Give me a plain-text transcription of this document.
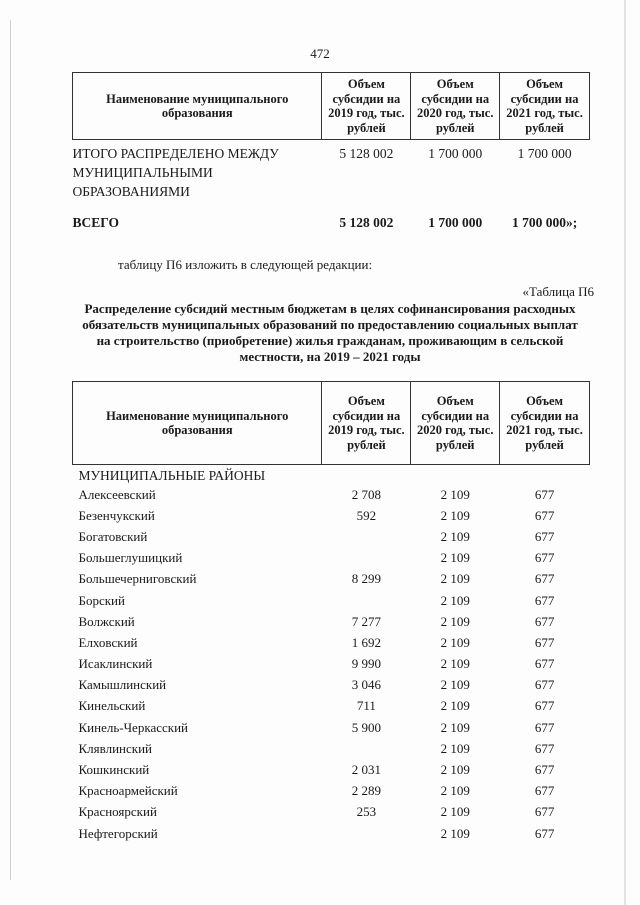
472
Наименование муниципального образования	Объем субсидии на 2019 год, тыс. рублей	Объем субсидии на 2020 год, тыс. рублей	Объем субсидии на 2021 год, тыс. рублей
ИТОГО РАСПРЕДЕЛЕНО МЕЖДУ МУНИЦИПАЛЬНЫМИ ОБРАЗОВАНИЯМИ	5 128 002	1 700 000	1 700 000
ВСЕГО	5 128 002	1 700 000	1 700 000»;
таблицу П6 изложить в следующей редакции:
«Таблица П6
Распределение субсидий местным бюджетам в целях софинансирования расходных обязательств муниципальных образований по предоставлению социальных выплат на строительство (приобретение) жилья гражданам, проживающим в сельской местности, на 2019 – 2021 годы
Наименование муниципального образования	Объем субсидии на 2019 год, тыс. рублей	Объем субсидии на 2020 год, тыс. рублей	Объем субсидии на 2021 год, тыс. рублей
МУНИЦИПАЛЬНЫЕ РАЙОНЫ			
Алексеевский	2 708	2 109	677
Безенчукский	592	2 109	677
Богатовский		2 109	677
Большеглушицкий		2 109	677
Большечерниговский	8 299	2 109	677
Борский		2 109	677
Волжский	7 277	2 109	677
Елховский	1 692	2 109	677
Исаклинский	9 990	2 109	677
Камышлинский	3 046	2 109	677
Кинельский	711	2 109	677
Кинель-Черкасский	5 900	2 109	677
Клявлинский		2 109	677
Кошкинский	2 031	2 109	677
Красноармейский	2 289	2 109	677
Красноярский	253	2 109	677
Нефтегорский		2 109	677
